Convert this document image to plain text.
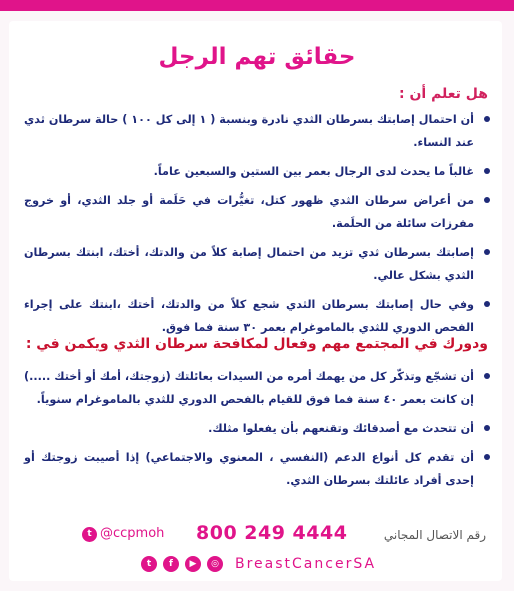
حقائق تهم الرجل
هل تعلم أن :
أن احتمال إصابتك بسرطان الثدي نادرة وبنسبة ( ١ إلى كل ١٠٠ ) حالة سرطان ثدي عند النساء.
غالباً ما يحدث لدى الرجال بعمر بين الستين والسبعين عاماً.
من أعراض سرطان الثدي ظهور كتل، تغيُّرات في حَلَمة أو جلد الثدي، أو خروج مفرزات سائلة من الحلَمة.
إصابتك بسرطان ثدي تزيد من احتمال إصابة كلاً من والدتك، أختك، ابنتك بسرطان الثدي بشكل عالي.
وفي حال إصابتك بسرطان الثدي شجع كلاً من والدتك، أختك ،ابنتك على إجراء الفحص الدوري للثدي بالماموغرام بعمر ٣٠ سنة فما فوق.
ودورك في المجتمع مهم وفعال لمكافحة سرطان الثدي ويكمن في :
أن تشجّع وتذكّر كل من يهمك أمره من السيدات بعائلتك (زوجتك، أمك أو أختك .....) إن كانت بعمر ٤٠ سنة فما فوق للقيام بالفحص الدوري للثدي بالماموغرام سنوياً.
أن تتحدث مع أصدقائك وتقنعهم بأن يفعلوا مثلك.
أن تقدم كل أنواع الدعم (النفسي ، المعنوي والاجتماعي) إذا أصيبت زوجتك أو إحدى أفراد عائلتك بسرطان الثدي.
رقم الاتصال المجاني
800 249 4444
t @ccpmoh
t	f	▶	◎ BreastCancerSA
